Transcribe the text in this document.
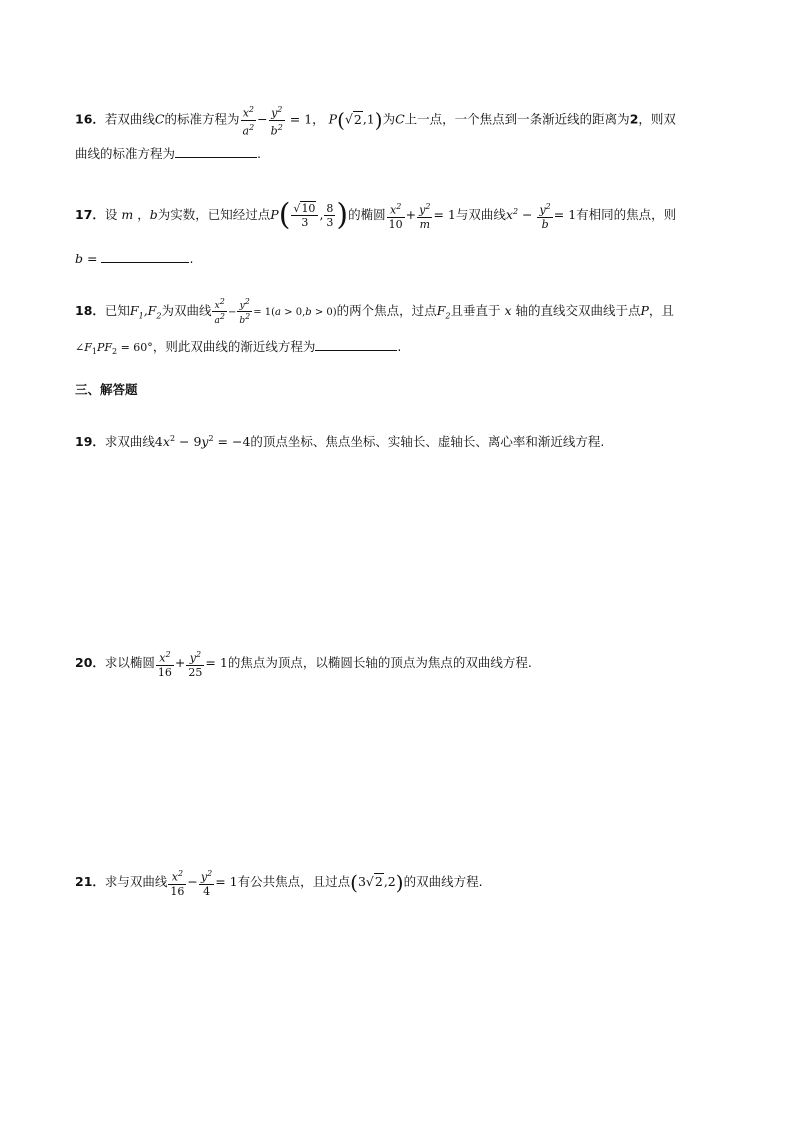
16．若双曲线C的标准方程为 $\frac{x^2}{a^2} - \frac{y^2}{b^2} = 1$， P(√2,1)为C上一点，一个焦点到一条渐近线的距离为2，则双
曲线的标准方程为	.
17．设 m ，b为实数，已知经过点$P( \frac{√10}{3}$ , $\frac{8}{3}$ )的椭圆 $\frac{x^2}{10} + \frac{y^2}{m} = 1$与双曲线$x^2 - \frac{y^2}{b} = 1$有相同的焦点，则
b =	.
18．已知$F_1,F_2$为双曲线 $\frac{x^2}{a^2} - \frac{y^2}{b^2} = 1(a > 0,b > 0)$的两个焦点，过点$F_2$且垂直于 x 轴的直线交双曲线于点P，且
$\angle F_1PF_2 = 60^\circ$，则此双曲线的渐近线方程为	.
三、解答题
19．求双曲线$4x^2 - 9y^2 = -4$的顶点坐标、焦点坐标、实轴长、虚轴长、离心率和渐近线方程.
20．求以椭圆 $\frac{x^2}{16} + \frac{y^2}{25} = 1$的焦点为顶点，以椭圆长轴的顶点为焦点的双曲线方程.
21．求与双曲线 $\frac{x^2}{16} - \frac{y^2}{4} = 1$有公共焦点，且过点(3√2,2)的双曲线方程.
